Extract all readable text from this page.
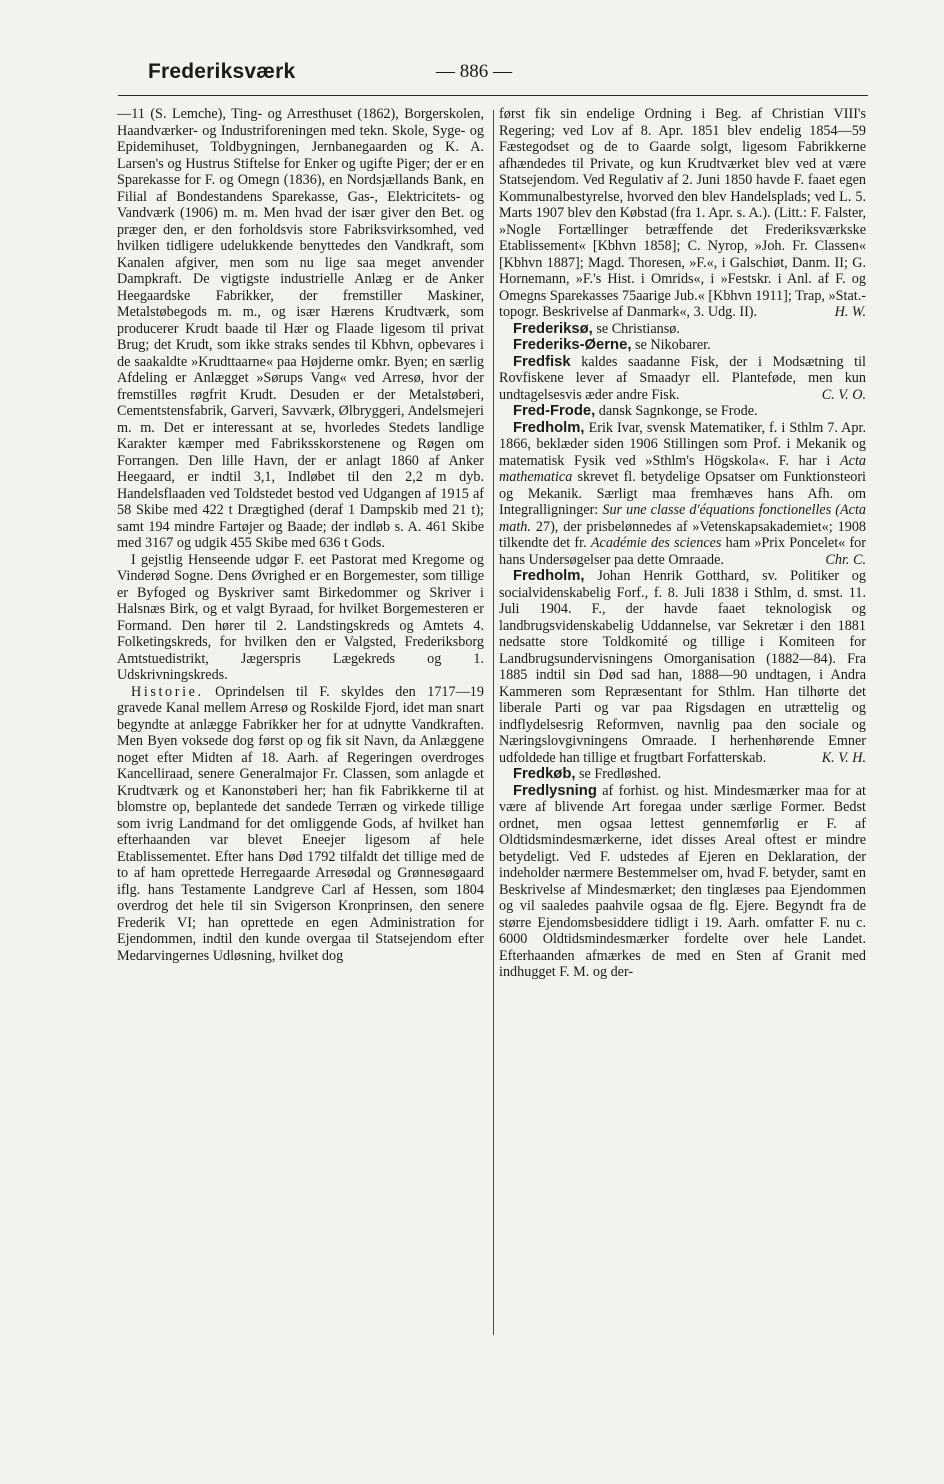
Frederiksværk	— 886 —

—11 (S. Lemche), Ting- og Arresthuset (1862), Borgerskolen, Haandværker- og Industriforeningen med tekn. Skole, Syge- og Epidemihuset, Toldbygningen, Jernbanegaarden og K. A. Larsen's og Hustrus Stiftelse for Enker og ugifte Piger; der er en Sparekasse for F. og Omegn (1836), en Nordsjællands Bank, en Filial af Bondestandens Sparekasse, Gas-, Elektricitets- og Vandværk (1906) m. m. Men hvad der især giver den Bet. og præger den, er den forholdsvis store Fabriksvirksomhed, ved hvilken tidligere udelukkende benyttedes den Vandkraft, som Kanalen afgiver, men som nu lige saa meget anvender Dampkraft. De vigtigste industrielle Anlæg er de Anker Heegaardske Fabrikker, der fremstiller Maskiner, Metalstøbegods m. m., og især Hærens Krudtværk, som producerer Krudt baade til Hær og Flaade ligesom til privat Brug; det Krudt, som ikke straks sendes til Kbhvn, opbevares i de saakaldte »Krudttaarne« paa Højderne omkr. Byen; en særlig Afdeling er Anlægget »Sørups Vang« ved Arresø, hvor der fremstilles røgfrit Krudt. Desuden er der Metalstøberi, Cementstensfabrik, Garveri, Savværk, Ølbryggeri, Andelsmejeri m. m. Det er interessant at se, hvorledes Stedets landlige Karakter kæmper med Fabriksskorstenene og Røgen om Forrangen. Den lille Havn, der er anlagt 1860 af Anker Heegaard, er indtil 3,1, Indløbet til den 2,2 m dyb. Handelsflaaden ved Toldstedet bestod ved Udgangen af 1915 af 58 Skibe med 422 t Drægtighed (deraf 1 Dampskib med 21 t); samt 194 mindre Fartøjer og Baade; der indløb s. A. 461 Skibe med 3167 og udgik 455 Skibe med 636 t Gods.

I gejstlig Henseende udgør F. eet Pastorat med Kregome og Vinderød Sogne. Dens Øvrighed er en Borgemester, som tillige er Byfoged og Byskriver samt Birkedommer og Skriver i Halsnæs Birk, og et valgt Byraad, for hvilket Borgemesteren er Formand. Den hører til 2. Landstingskreds og Amtets 4. Folketingskreds, for hvilken den er Valgsted, Frederiksborg Amtstuedistrikt, Jægerspris Lægekreds og 1. Udskrivningskreds.

Historie. Oprindelsen til F. skyldes den 1717—19 gravede Kanal mellem Arresø og Roskilde Fjord, idet man snart begyndte at anlægge Fabrikker her for at udnytte Vandkraften. Men Byen voksede dog først op og fik sit Navn, da Anlæggene noget efter Midten af 18. Aarh. af Regeringen overdroges Kancelliraad, senere Generalmajor Fr. Classen, som anlagde et Krudtværk og et Kanonstøberi her; han fik Fabrikkerne til at blomstre op, beplantede det sandede Terræn og virkede tillige som ivrig Landmand for det omliggende Gods, af hvilket han efterhaanden var blevet Eneejer ligesom af hele Etablissementet. Efter hans Død 1792 tilfaldt det tillige med de to af ham oprettede Herregaarde Arresødal og Grønnesøgaard iflg. hans Testamente Landgreve Carl af Hessen, som 1804 overdrog det hele til sin Svigerson Kronprinsen, den senere Frederik VI; han oprettede en egen Administration for Ejendommen, indtil den kunde overgaa til Statsejendom efter Medarvingernes Udløsning, hvilket dog

først fik sin endelige Ordning i Beg. af Christian VIII's Regering; ved Lov af 8. Apr. 1851 blev endelig 1854—59 Fæstegodset og de to Gaarde solgt, ligesom Fabrikkerne afhændedes til Private, og kun Krudtværket blev ved at være Statsejendom. Ved Regulativ af 2. Juni 1850 havde F. faaet egen Kommunalbestyrelse, hvorved den blev Handelsplads; ved L. 5. Marts 1907 blev den Købstad (fra 1. Apr. s. A.). (Litt.: F. Falster, »Nogle Fortællinger betræffende det Frederiksværkske Etablissement« [Kbhvn 1858]; C. Nyrop, »Joh. Fr. Classen« [Kbhvn 1887]; Magd. Thoresen, »F.«, i Galschiøt, Danm. II; G. Hornemann, »F.'s Hist. i Omrids«, i »Festskr. i Anl. af F. og Omegns Sparekasses 75aarige Jub.« [Kbhvn 1911]; Trap, »Stat.-topogr. Beskrivelse af Danmark«, 3. Udg. II).	H. W.

Frederiksø, se Christiansø.

Frederiks-Øerne, se Nikobarer.

Fredfisk kaldes saadanne Fisk, der i Modsætning til Rovfiskene lever af Smaadyr ell. Planteføde, men kun undtagelsesvis æder andre Fisk.	C. V. O.

Fred-Frode, dansk Sagnkonge, se Frode.

Fredholm, Erik Ivar, svensk Matematiker, f. i Sthlm 7. Apr. 1866, beklæder siden 1906 Stillingen som Prof. i Mekanik og matematisk Fysik ved »Sthlm's Högskola«. F. har i Acta mathematica skrevet fl. betydelige Opsatser om Funktionsteori og Mekanik. Særligt maa fremhæves hans Afh. om Integralligninger: Sur une classe d'équations fonctionelles (Acta math. 27), der prisbelønnedes af »Vetenskapsakademiet«; 1908 tilkendte det fr. Académie des sciences ham »Prix Poncelet« for hans Undersøgelser paa dette Omraade.	Chr. C.

Fredholm, Johan Henrik Gotthard, sv. Politiker og socialvidenskabelig Forf., f. 8. Juli 1838 i Sthlm, d. smst. 11. Juli 1904. F., der havde faaet teknologisk og landbrugsvidenskabelig Uddannelse, var Sekretær i den 1881 nedsatte store Toldkomité og tillige i Komiteen for Landbrugsundervisningens Omorganisation (1882—84). Fra 1885 indtil sin Død sad han, 1888—90 undtagen, i Andra Kammeren som Repræsentant for Sthlm. Han tilhørte det liberale Parti og var paa Rigsdagen en utrættelig og indflydelsesrig Reformven, navnlig paa den sociale og Næringslovgivningens Omraade. I herhenhørende Emner udfoldede han tillige et frugtbart Forfatterskab.	K. V. H.

Fredkøb, se Fredløshed.

Fredlysning af forhist. og hist. Mindesmærker maa for at være af blivende Art foregaa under særlige Former. Bedst ordnet, men ogsaa lettest gennemførlig er F. af Oldtidsmindesmærkerne, idet disses Areal oftest er mindre betydeligt. Ved F. udstedes af Ejeren en Deklaration, der indeholder nærmere Bestemmelser om, hvad F. betyder, samt en Beskrivelse af Mindesmærket; den tinglæses paa Ejendommen og vil saaledes paahvile ogsaa de flg. Ejere. Begyndt fra de større Ejendomsbesiddere tidligt i 19. Aarh. omfatter F. nu c. 6000 Oldtidsmindesmærker fordelte over hele Landet. Efterhaanden afmærkes de med en Sten af Granit med indhugget F. M. og der-
